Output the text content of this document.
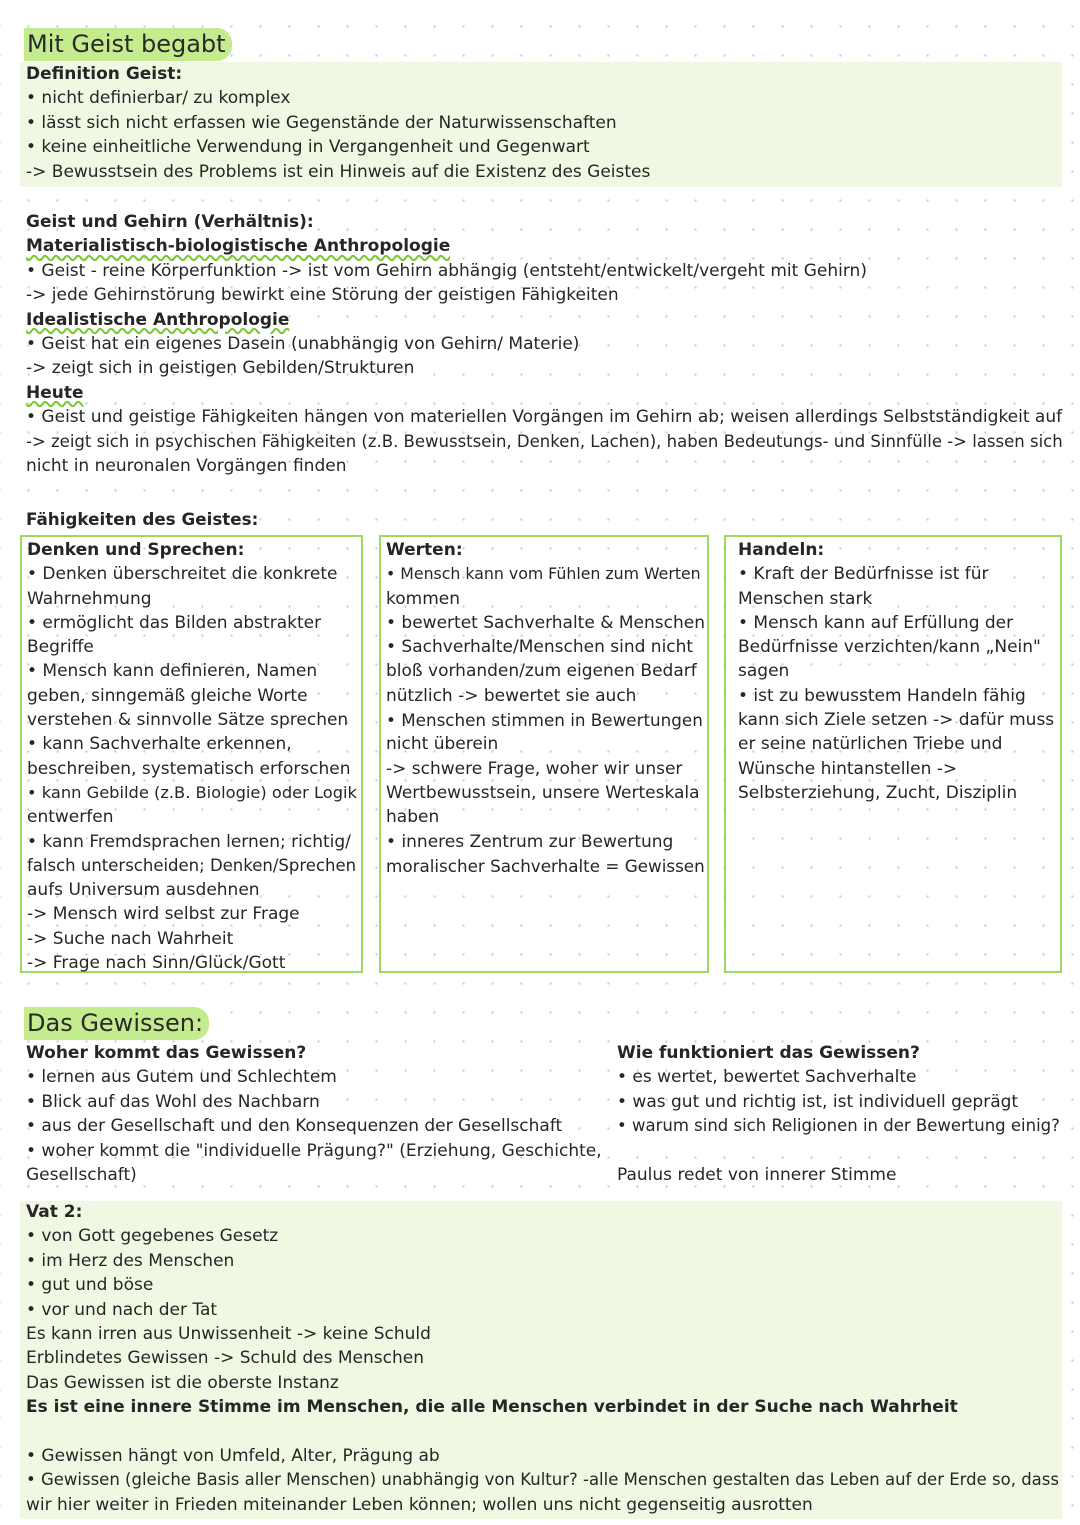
Mit Geist begabt
Definition Geist:
• nicht definierbar/ zu komplex
• lässt sich nicht erfassen wie Gegenstände der Naturwissenschaften
• keine einheitliche Verwendung in Vergangenheit und Gegenwart
-> Bewusstsein des Problems ist ein Hinweis auf die Existenz des Geistes
Geist und Gehirn (Verhältnis):
Materialistisch-biologistische Anthropologie
• Geist - reine Körperfunktion -> ist vom Gehirn abhängig (entsteht/entwickelt/vergeht mit Gehirn)
-> jede Gehirnstörung bewirkt eine Störung der geistigen Fähigkeiten
Idealistische Anthropologie
• Geist hat ein eigenes Dasein (unabhängig von Gehirn/ Materie)
-> zeigt sich in geistigen Gebilden/Strukturen
Heute
• Geist und geistige Fähigkeiten hängen von materiellen Vorgängen im Gehirn ab; weisen allerdings Selbstständigkeit auf
-> zeigt sich in psychischen Fähigkeiten (z.B. Bewusstsein, Denken, Lachen), haben Bedeutungs- und Sinnfülle -> lassen sich
nicht in neuronalen Vorgängen finden
Fähigkeiten des Geistes:
Denken und Sprechen:
• Denken überschreitet die konkrete
Wahrnehmung
• ermöglicht das Bilden abstrakter
Begriffe
• Mensch kann definieren, Namen
geben, sinngemäß gleiche Worte
verstehen & sinnvolle Sätze sprechen
• kann Sachverhalte erkennen,
beschreiben, systematisch erforschen
• kann Gebilde (z.B. Biologie) oder Logik
entwerfen
• kann Fremdsprachen lernen; richtig/
falsch unterscheiden; Denken/Sprechen
aufs Universum ausdehnen
-> Mensch wird selbst zur Frage
-> Suche nach Wahrheit
-> Frage nach Sinn/Glück/Gott
Werten:
• Mensch kann vom Fühlen zum Werten
kommen
• bewertet Sachverhalte & Menschen
• Sachverhalte/Menschen sind nicht
bloß vorhanden/zum eigenen Bedarf
nützlich -> bewertet sie auch
• Menschen stimmen in Bewertungen
nicht überein
-> schwere Frage, woher wir unser
Wertbewusstsein, unsere Werteskala
haben
• inneres Zentrum zur Bewertung
moralischer Sachverhalte = Gewissen
Handeln:
• Kraft der Bedürfnisse ist für
Menschen stark
• Mensch kann auf Erfüllung der
Bedürfnisse verzichten/kann „Nein"
sagen
• ist zu bewusstem Handeln fähig
kann sich Ziele setzen -> dafür muss
er seine natürlichen Triebe und
Wünsche hintanstellen ->
Selbsterziehung, Zucht, Disziplin
Das Gewissen:
Woher kommt das Gewissen?
• lernen aus Gutem und Schlechtem
• Blick auf das Wohl des Nachbarn
• aus der Gesellschaft und den Konsequenzen der Gesellschaft
• woher kommt die "individuelle Prägung?" (Erziehung, Geschichte,
Gesellschaft)
Wie funktioniert das Gewissen?
• es wertet, bewertet Sachverhalte
• was gut und richtig ist, ist individuell geprägt
• warum sind sich Religionen in der Bewertung einig?
Paulus redet von innerer Stimme
Vat 2:
• von Gott gegebenes Gesetz
• im Herz des Menschen
• gut und böse
• vor und nach der Tat
Es kann irren aus Unwissenheit -> keine Schuld
Erblindetes Gewissen -> Schuld des Menschen
Das Gewissen ist die oberste Instanz
Es ist eine innere Stimme im Menschen, die alle Menschen verbindet in der Suche nach Wahrheit
• Gewissen hängt von Umfeld, Alter, Prägung ab
• Gewissen (gleiche Basis aller Menschen) unabhängig von Kultur? -alle Menschen gestalten das Leben auf der Erde so, dass
wir hier weiter in Frieden miteinander Leben können; wollen uns nicht gegenseitig ausrotten
